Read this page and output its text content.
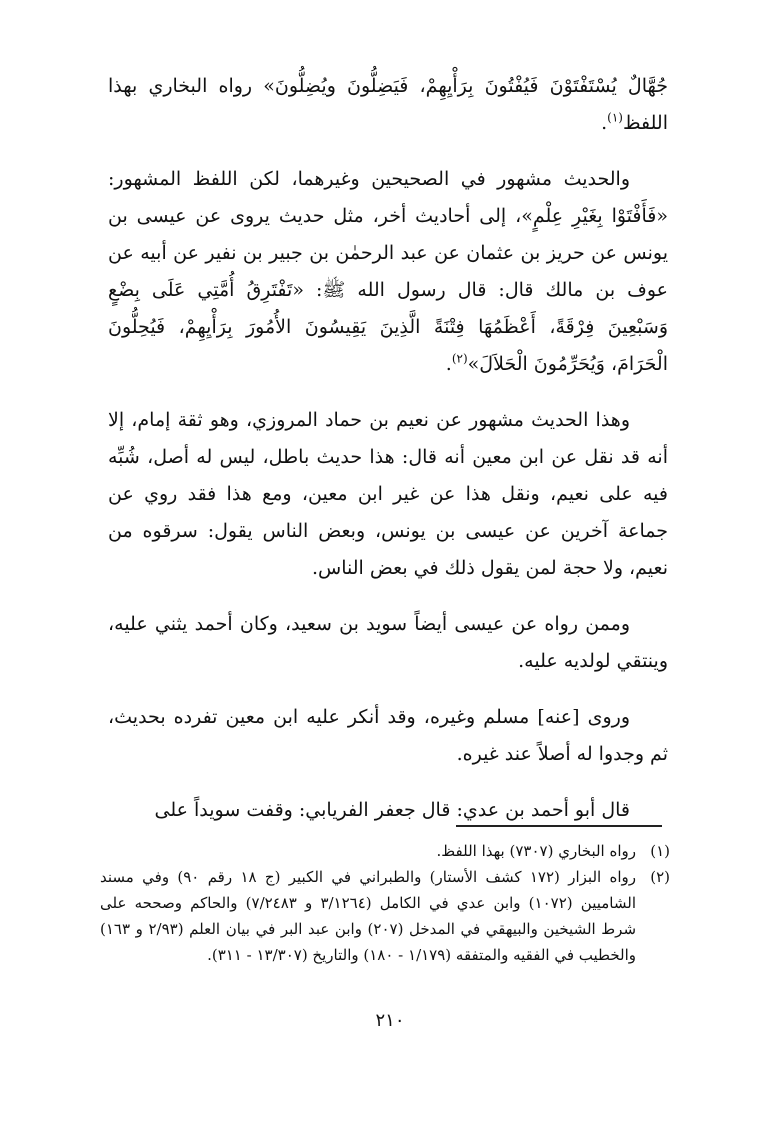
جُهَّالٌ يُسْتَفْتَوْنَ فَيُفْتُونَ بِرَأْيِهِمْ، فَيَضِلُّونَ ويُضِلُّونَ» رواه البخاري بهذا اللفظ$^{(١)}$.

والحديث مشهور في الصحيحين وغيرهما، لكن اللفظ المشهور: «فَأَفْتَوْا بِغَيْرِ عِلْمٍ»، إلى أحاديث أخر، مثل حديث يروى عن عيسى بن يونس عن حريز بن عثمان عن عبد الرحمٰن بن جبير بن نفير عن أبيه عن عوف بن مالك قال: قال رسول الله ﷺ: «تَفْتَرِقُ أُمَّتِي عَلَى بِضْعٍ وَسَبْعِينَ فِرْقَةً، أَعْظَمُهَا فِتْنَةً الَّذِينَ يَقِيسُونَ الأُمُورَ بِرَأْيِهِمْ، فَيُحِلُّونَ الْحَرَامَ، وَيُحَرِّمُونَ الْحَلاَلَ»$^{(٢)}$.

وهذا الحديث مشهور عن نعيم بن حماد المروزي، وهو ثقة إمام، إلا أنه قد نقل عن ابن معين أنه قال: هذا حديث باطل، ليس له أصل، شُبِّه فيه على نعيم، ونقل هذا عن غير ابن معين، ومع هذا فقد روي عن جماعة آخرين عن عيسى بن يونس، وبعض الناس يقول: سرقوه من نعيم، ولا حجة لمن يقول ذلك في بعض الناس.

وممن رواه عن عيسى أيضاً سويد بن سعيد، وكان أحمد يثني عليه، وينتقي لولديه عليه.

وروى [عنه] مسلم وغيره، وقد أنكر عليه ابن معين تفرده بحديث، ثم وجدوا له أصلاً عند غيره.

قال أبو أحمد بن عدي: قال جعفر الفريابي: وقفت سويداً على

(١)
رواه البخاري (٧٣٠٧) بهذا اللفظ.
(٢)
رواه البزار (١٧٢ كشف الأستار) والطبراني في الكبير (ج ١٨ رقم ٩٠) وفي مسند الشاميين (١٠٧٢) وابن عدي في الكامل (٣/١٢٦٤ و ٧/٢٤٨٣) والحاكم وصححه على شرط الشيخين والبيهقي في المدخل (٢٠٧) وابن عبد البر في بيان العلم (٢/٩٣ و ١٦٣) والخطيب في الفقيه والمتفقه (١/١٧٩ - ١٨٠) والتاريخ (١٣/٣٠٧ - ٣١١).
٢١٠
